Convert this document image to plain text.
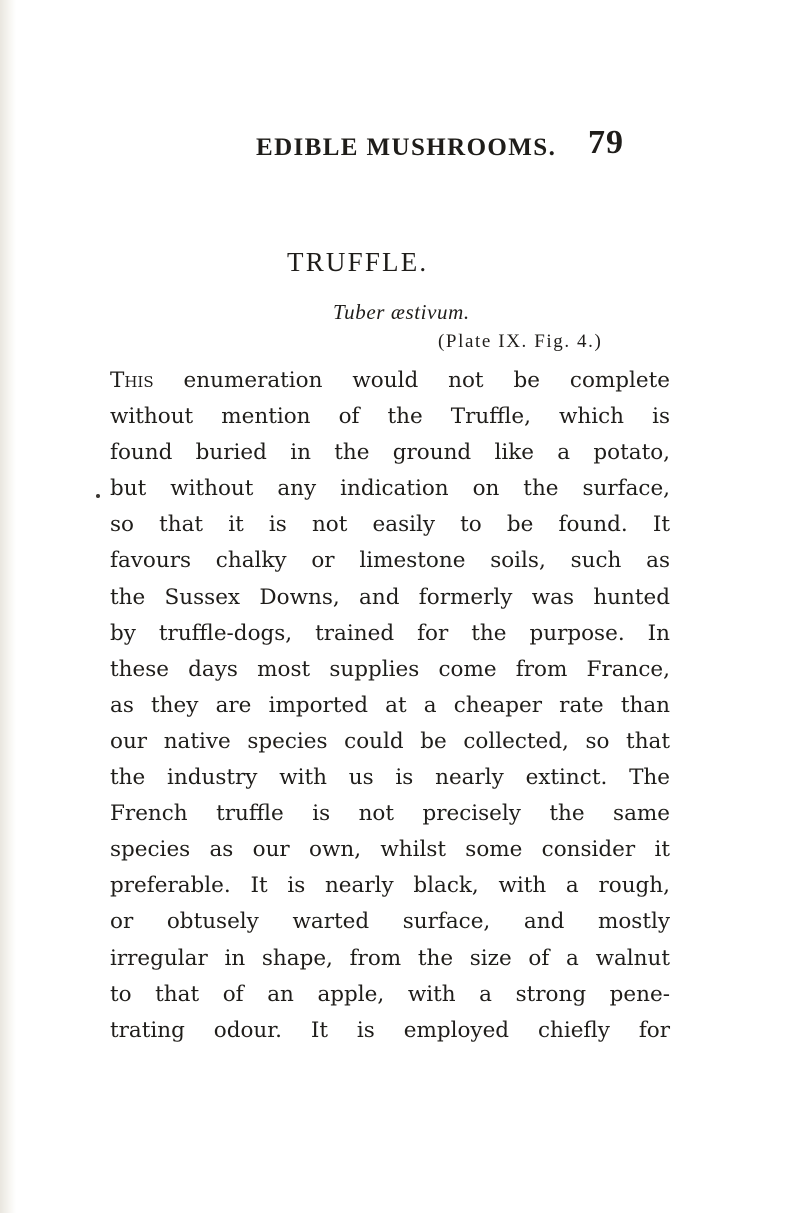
EDIBLE MUSHROOMS. 79
TRUFFLE.
Tuber æstivum.
(Plate IX. Fig. 4.)
This enumeration would not be complete
without mention of the Truffle, which is
found buried in the ground like a potato,
but without any indication on the surface,
so that it is not easily to be found. It
favours chalky or limestone soils, such as
the Sussex Downs, and formerly was hunted
by truffle-dogs, trained for the purpose. In
these days most supplies come from France,
as they are imported at a cheaper rate than
our native species could be collected, so that
the industry with us is nearly extinct. The
French truffle is not precisely the same
species as our own, whilst some consider it
preferable. It is nearly black, with a rough,
or obtusely warted surface, and mostly
irregular in shape, from the size of a walnut
to that of an apple, with a strong pene-
trating odour. It is employed chiefly for
